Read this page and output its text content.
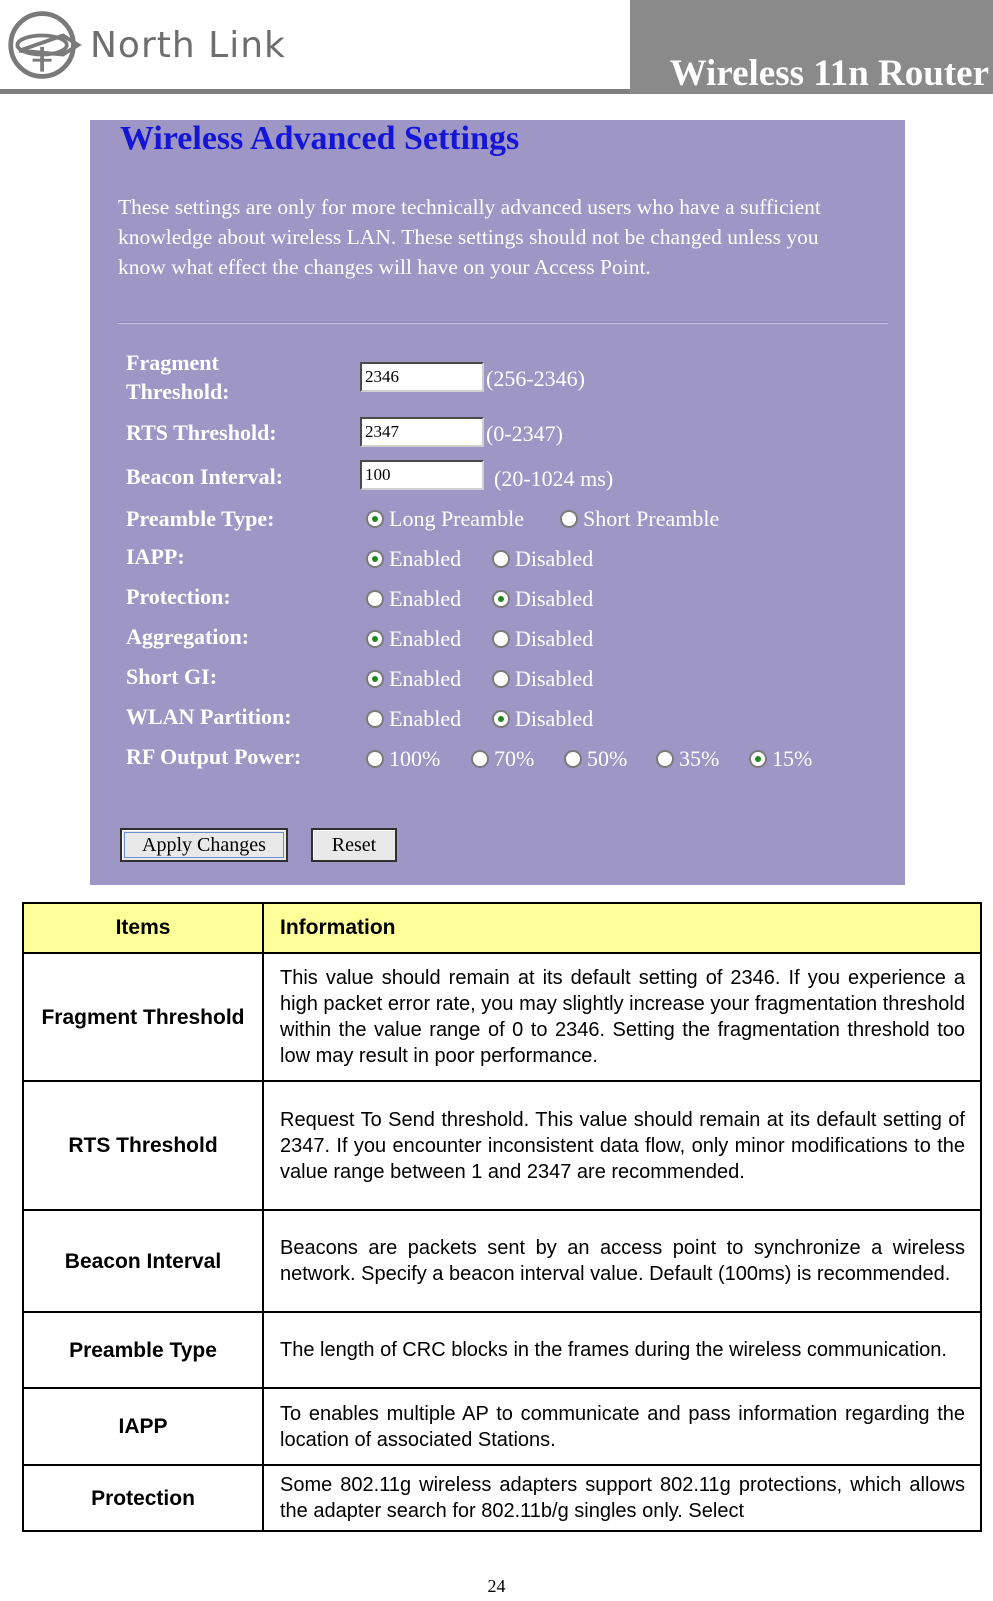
North Link
Wireless 11n Router
Wireless Advanced Settings
These settings are only for more technically advanced users who have a sufficient knowledge about wireless LAN. These settings should not be changed unless you know what effect the changes will have on your Access Point.
Fragment
Threshold:
2346
(256-2346)
RTS Threshold:
2347	(0-2347)
Beacon Interval:
100	(20-1024 ms)
Preamble Type:	Long Preamble	Short Preamble
IAPP:	Enabled Disabled
Protection:	Enabled Disabled
Aggregation:	Enabled Disabled
Short GI:	Enabled Disabled
WLAN Partition:	Enabled Disabled
RF Output Power:	100% 70% 50% 35% 15%
Apply Changes	Reset
Items	Information
Fragment Threshold	This value should remain at its default setting of 2346. If you experience a high packet error rate, you may slightly increase your fragmentation threshold within the value range of 0 to 2346. Setting the fragmentation threshold too low may result in poor performance.
RTS Threshold	Request To Send threshold. This value should remain at its default setting of 2347. If you encounter inconsistent data flow, only minor modifications to the value range between 1 and 2347 are recommended.
Beacon Interval	Beacons are packets sent by an access point to synchronize a wireless network. Specify a beacon interval value. Default (100ms) is recommended.
Preamble Type	The length of CRC blocks in the frames during the wireless communication.
IAPP	To enables multiple AP to communicate and pass information regarding the location of associated Stations.
Protection	Some 802.11g wireless adapters support 802.11g protections, which allows the adapter search for 802.11b/g singles only. Select
24
